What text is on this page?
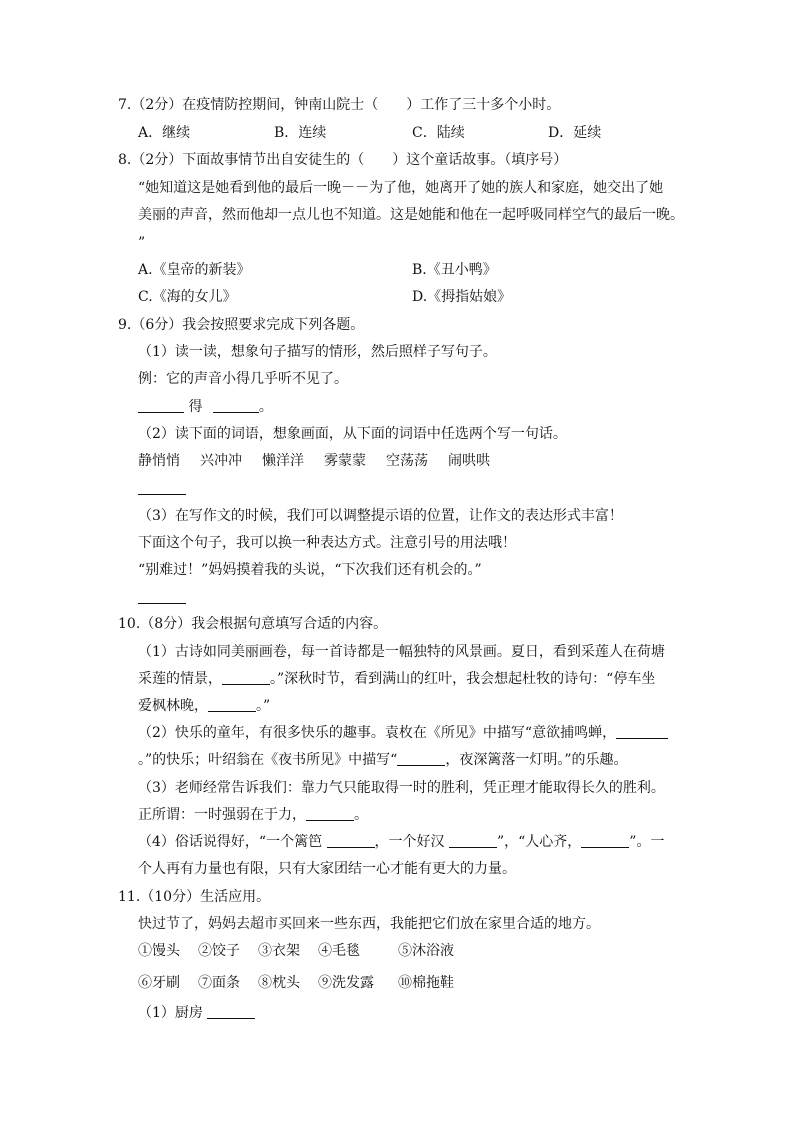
7.（2分）在疫情防控期间，钟南山院士（　　）工作了三十多个小时。
A．继续	B．连续	C．陆续	D．延续
8.（2分）下面故事情节出自安徒生的（　　）这个童话故事。（填序号）
“她知道这是她看到他的最后一晚－－为了他，她离开了她的族人和家庭，她交出了她
美丽的声音，然而他却一点儿也不知道。这是她能和他在一起呼吸同样空气的最后一晚。
”
A.《皇帝的新装》	B.《丑小鸭》
C.《海的女儿》	D.《拇指姑娘》
9.（6分）我会按照要求完成下列各题。
（1）读一读，想象句子描写的情形，然后照样子写句子。
例：它的声音小得几乎听不见了。
得	。
（2）读下面的词语，想象画面，从下面的词语中任选两个写一句话。
静悄悄 兴冲冲 懒洋洋 雾蒙蒙 空荡荡 闹哄哄
（3）在写作文的时候，我们可以调整提示语的位置，让作文的表达形式丰富！
下面这个句子，我可以换一种表达方式。注意引号的用法哦！
“别难过！”妈妈摸着我的头说，“下次我们还有机会的。”
10.（8分）我会根据句意填写合适的内容。
（1）古诗如同美丽画卷，每一首诗都是一幅独特的风景画。夏日，看到采莲人在荷塘
采莲的情景，	。”深秋时节，看到满山的红叶，我会想起杜牧的诗句：“停车坐
爱枫林晚，	。”
（2）快乐的童年，有很多快乐的趣事。袁枚在《所见》中描写“意欲捕鸣蝉，
。”的快乐；叶绍翁在《夜书所见》中描写“	，夜深篱落一灯明。”的乐趣。
（3）老师经常告诉我们：靠力气只能取得一时的胜利，凭正理才能取得长久的胜利。
正所谓：一时强弱在于力，	。
（4）俗话说得好，“一个篱笆	，一个好汉	”，“人心齐，	”。一
个人再有力量也有限，只有大家团结一心才能有更大的力量。
11.（10分）生活应用。
快过节了，妈妈去超市买回来一些东西，我能把它们放在家里合适的地方。
①馒头 ②饺子 ③衣架 ④毛毯	⑤沐浴液
⑥牙刷 ⑦面条 ⑧枕头 ⑨洗发露 ⑩棉拖鞋
（1）厨房
